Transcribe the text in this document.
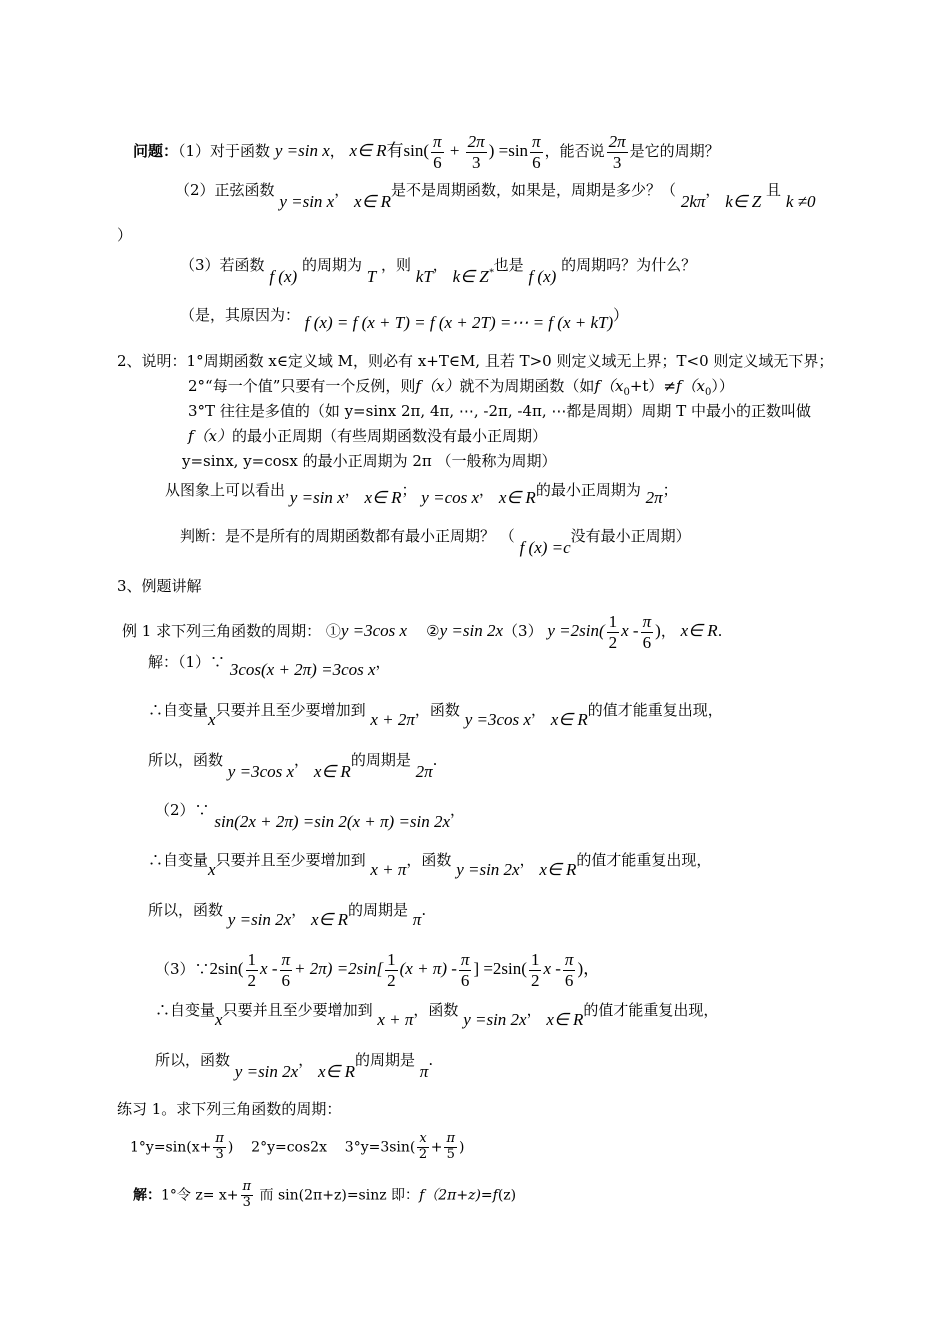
问题：（1）对于函数 y =sin x， x∈ R有$\sin( \frac{\pi}{6} + \frac{2\pi}{3}$ ) $=\sin \frac{\pi}{6}$ ，能否说 $\frac{2\pi}{3}$ 是它的周期？
（2）正弦函数 y =sin x， x∈ R是不是周期函数，如果是，周期是多少？（ 2kπ， k∈ Z 且 k ≠0
）
（3）若函数 f (x) 的周期为 T ，则 kT， k∈ Z*也是 f (x) 的周期吗？为什么？
（是，其原因为： f (x) = f (x + T) = f (x + 2T) =⋯ = f (x + kT)）
2、说明：1°周期函数 x∈定义域 M，则必有 x+T∈M, 且若 T>0 则定义域无上界；T<0 则定义域无下界；
2°“每一个值”只要有一个反例，则f（x）就不为周期函数（如$f(x_0+t)\ne f(x_0)$）
3°T 往往是多值的（如 y=sinx 2π, 4π, ⋯, -2π, -4π, ⋯都是周期）周期 T 中最小的正数叫做
f（x）的最小正周期（有些周期函数没有最小正周期）
y=sinx, y=cosx 的最小正周期为 2π （一般称为周期）
从图象上可以看出 y =sin x， x∈ R； y =cos x， x∈ R的最小正周期为 2π；
判断：是不是所有的周期函数都有最小正周期？ （ f (x) =c没有最小正周期）
3、例题讲解
例 1 求下列三角函数的周期： ①y =3cos x ②y =sin 2x（3） $y =2\sin( \frac{1}{2}$ x - $\frac{\pi}{6}$ )， x∈ R.
解：（1）∵ 3cos(x + 2π) =3cos x，
∴自变量x只要并且至少要增加到 x + 2π，函数 y =3cos x， x∈ R的值才能重复出现，
所以，函数 y =3cos x， x∈ R的周期是 2π.
（2）∵ sin(2x + 2π) =sin 2(x + π) =sin 2x，
∴自变量x只要并且至少要增加到 x + π，函数 y =sin 2x， x∈ R的值才能重复出现，
所以，函数 y =sin 2x， x∈ R的周期是 π.
（3）∵2sin( $\frac{1}{2}$ $x - \frac{\pi}{6} + 2\pi) =2\sin[ \frac{1}{2} (x + \pi) - \frac{\pi}{6}$ ] $=2\sin( \frac{1}{2}$ x - $\frac{\pi}{6}$ )，
∴自变量x只要并且至少要增加到 x + π，函数 y =sin 2x， x∈ R的值才能重复出现，
所以，函数 y =sin 2x， x∈ R的周期是 π.
练习 1。求下列三角函数的周期：
$1^\circ y=\sin(x+ \frac{\pi}{3}$ ) 2°y=cos2x $3^\circ y=3\sin( \frac{x}{2} + \frac{\pi}{5}$ )
解：1°令 $z= x+ \frac{\pi}{3}$ 而 sin(2π+z)=sinz 即：f（2π+z)=f(z)
